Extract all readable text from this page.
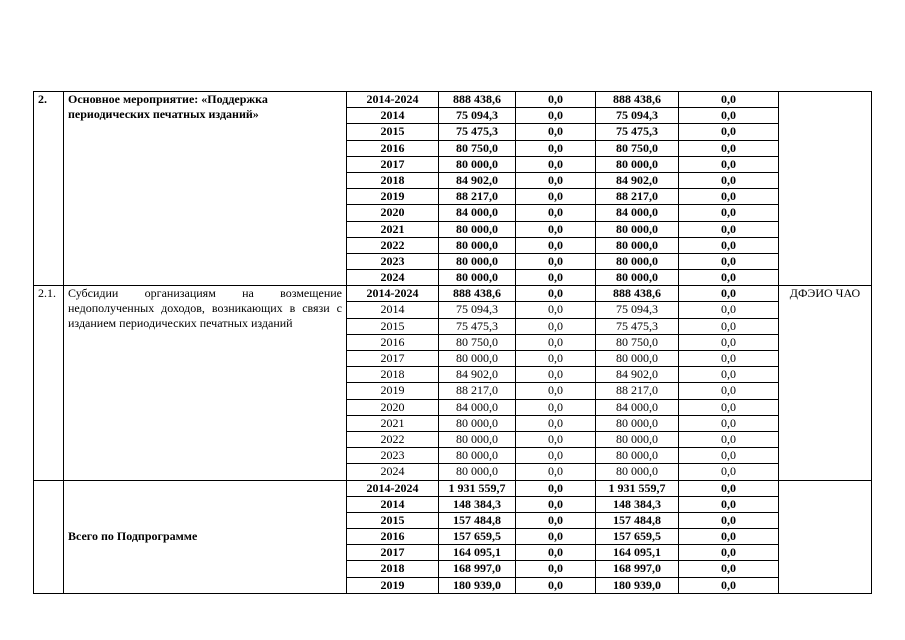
2.	Основное мероприятие: «Поддержка периодических печатных изданий»	2014-2024	888 438,6	0,0	888 438,6	0,0	
		2014	75 094,3	0,0	75 094,3	0,0	
		2015	75 475,3	0,0	75 475,3	0,0	
		2016	80 750,0	0,0	80 750,0	0,0	
		2017	80 000,0	0,0	80 000,0	0,0	
		2018	84 902,0	0,0	84 902,0	0,0	
		2019	88 217,0	0,0	88 217,0	0,0	
		2020	84 000,0	0,0	84 000,0	0,0	
		2021	80 000,0	0,0	80 000,0	0,0	
		2022	80 000,0	0,0	80 000,0	0,0	
		2023	80 000,0	0,0	80 000,0	0,0	
		2024	80 000,0	0,0	80 000,0	0,0	
2.1.	Субсидии организациям на возмещение недополученных доходов, возникающих в связи с изданием периодических печатных изданий	2014-2024	888 438,6	0,0	888 438,6	0,0	ДФЭИО ЧАО
		2014	75 094,3	0,0	75 094,3	0,0	
		2015	75 475,3	0,0	75 475,3	0,0	
		2016	80 750,0	0,0	80 750,0	0,0	
		2017	80 000,0	0,0	80 000,0	0,0	
		2018	84 902,0	0,0	84 902,0	0,0	
		2019	88 217,0	0,0	88 217,0	0,0	
		2020	84 000,0	0,0	84 000,0	0,0	
		2021	80 000,0	0,0	80 000,0	0,0	
		2022	80 000,0	0,0	80 000,0	0,0	
		2023	80 000,0	0,0	80 000,0	0,0	
		2024	80 000,0	0,0	80 000,0	0,0	
	Всего по Подпрограмме	2014-2024	1 931 559,7	0,0	1 931 559,7	0,0	
		2014	148 384,3	0,0	148 384,3	0,0	
		2015	157 484,8	0,0	157 484,8	0,0	
		2016	157 659,5	0,0	157 659,5	0,0	
		2017	164 095,1	0,0	164 095,1	0,0	
		2018	168 997,0	0,0	168 997,0	0,0	
		2019	180 939,0	0,0	180 939,0	0,0	
